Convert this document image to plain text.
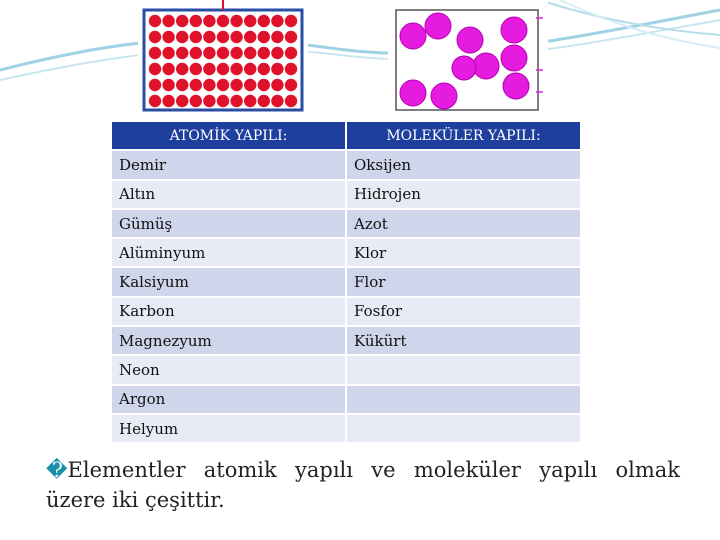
ATOMİK YAPILI:	MOLEKÜLER YAPILI:
Demir	Oksijen
Altın	Hidrojen
Gümüş	Azot
Alüminyum	Klor
Kalsiyum	Flor
Karbon	Fosfor
Magnezyum	Kükürt
Neon	
Argon	
Helyum	
�Elementler atomik yapılı ve moleküler yapılı olmak
üzere iki çeşittir.
